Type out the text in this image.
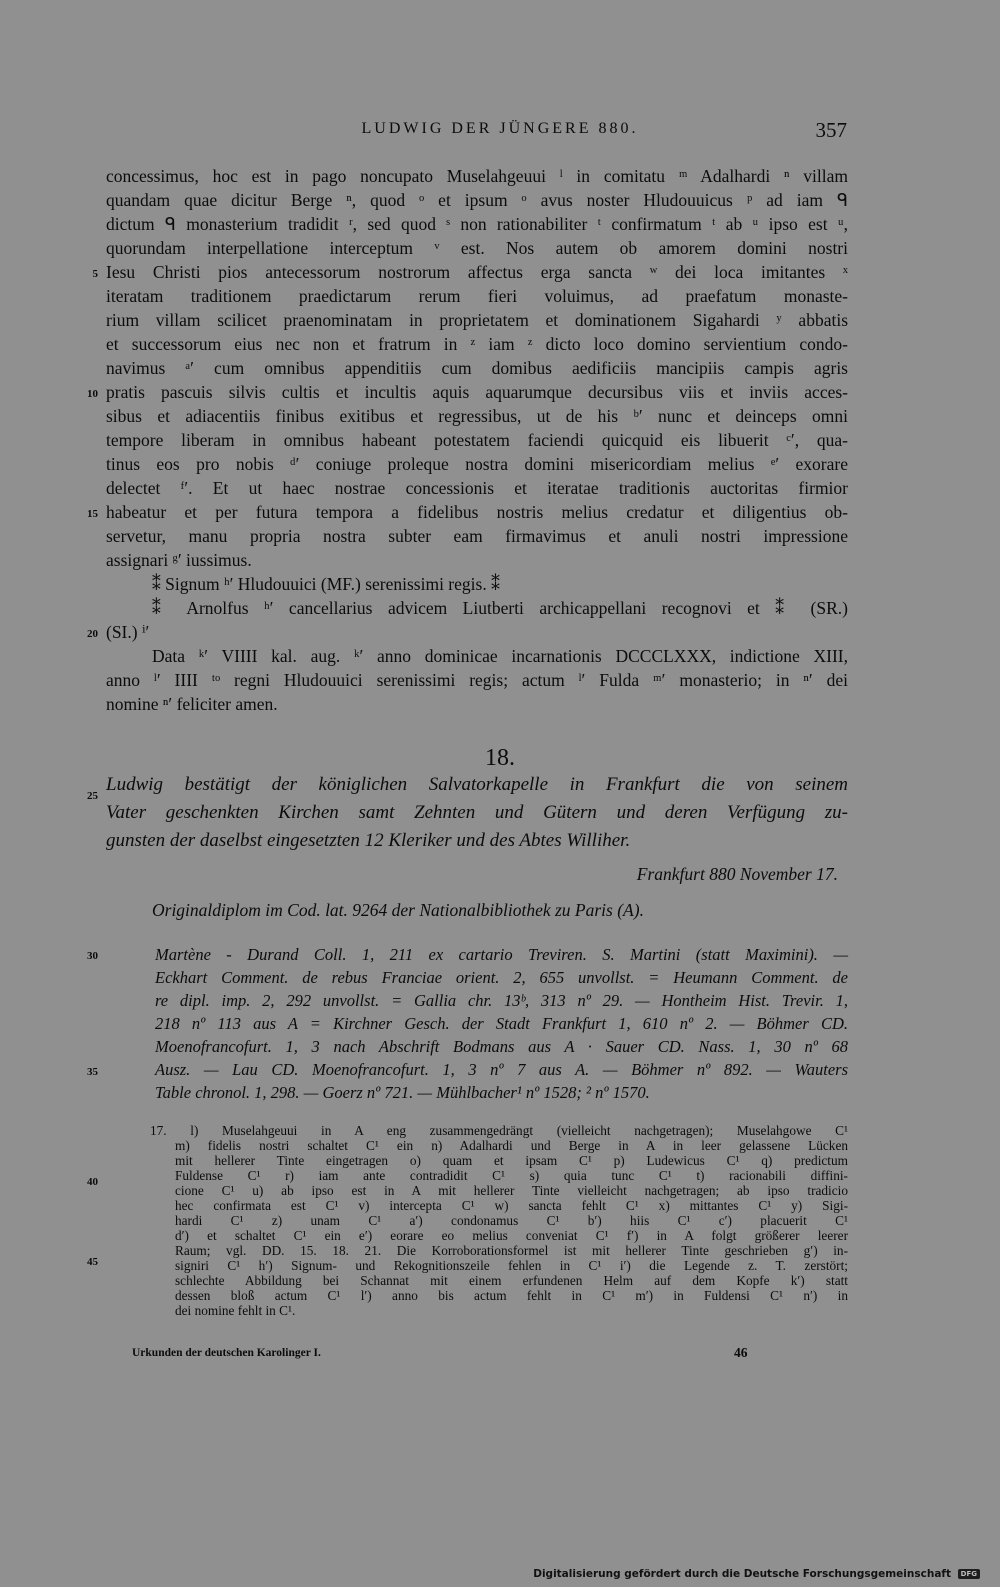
LUDWIG DER JÜNGERE 880.	357

concessimus, hoc est in pago noncupato Muselahgeuui ˡ in comitatu ᵐ Adalhardi ⁿ villam

quandam quae dicitur Berge ⁿ, quod ᵒ et ipsum ᵒ avus noster Hludouuicus ᵖ ad iam ᑫ

dictum ᑫ monasterium tradidit ʳ, sed quod ˢ non rationabiliter ᵗ confirmatum ᵗ ab ᵘ ipso est ᵘ,

quorundam interpellatione interceptum ᵛ est. Nos autem ob amorem domini nostri

Iesu Christi pios antecessorum nostrorum affectus erga sancta ʷ dei loca imitantes ˣ

iteratam traditionem praedictarum rerum fieri voluimus, ad praefatum monaste-

rium villam scilicet praenominatam in proprietatem et dominationem Sigahardi ʸ abbatis

et successorum eius nec non et fratrum in ᶻ iam ᶻ dicto loco domino servientium condo-

navimus ᵃ′ cum omnibus appenditiis cum domibus aedificiis mancipiis campis agris

pratis pascuis silvis cultis et incultis aquis aquarumque decursibus viis et inviis acces-

sibus et adiacentiis finibus exitibus et regressibus, ut de his ᵇ′ nunc et deinceps omni

tempore liberam in omnibus habeant potestatem faciendi quicquid eis libuerit ᶜ′, qua-

tinus eos pro nobis ᵈ′ coniuge proleque nostra domini misericordiam melius ᵉ′ exorare

delectet ᶠ′. Et ut haec nostrae concessionis et iteratae traditionis auctoritas firmior

habeatur et per futura tempora a fidelibus nostris melius credatur et diligentius ob-

servetur, manu propria nostra subter eam firmavimus et anuli nostri impressione

assignari ᵍ′ iussimus.

⁑ Signum ʰ′ Hludouuici (MF.) serenissimi regis. ⁑

⁑ Arnolfus ʰ′ cancellarius advicem Liutberti archicappellani recognovi et ⁑ (SR.)

(SI.) ⁱ′

Data ᵏ′ VIIII kal. aug. ᵏ′ anno dominicae incarnationis DCCCLXXX, indictione XIII,

anno ˡ′ IIII ᵗᵒ regni Hludouuici serenissimi regis; actum ˡ′ Fulda ᵐ′ monasterio; in ⁿ′ dei

nomine ⁿ′ feliciter amen.

5
10
15
20
25
30
35
40
45
18.

Ludwig bestätigt der königlichen Salvatorkapelle in Frankfurt die von seinem

Vater geschenkten Kirchen samt Zehnten und Gütern und deren Verfügung zu-

gunsten der daselbst eingesetzten 12 Kleriker und des Abtes Williher.

Frankfurt 880 November 17.
Originaldiplom im Cod. lat. 9264 der Nationalbibliothek zu Paris (A).

Martène - Durand Coll. 1, 211 ex cartario Treviren. S. Martini (statt Maximini). —

Eckhart Comment. de rebus Franciae orient. 2, 655 unvollst. = Heumann Comment. de

re dipl. imp. 2, 292 unvollst. = Gallia chr. 13ᵇ, 313 nº 29. — Hontheim Hist. Trevir. 1,

218 nº 113 aus A = Kirchner Gesch. der Stadt Frankfurt 1, 610 nº 2. — Böhmer CD.

Moenofrancofurt. 1, 3 nach Abschrift Bodmans aus A · Sauer CD. Nass. 1, 30 nº 68

Ausz. — Lau CD. Moenofrancofurt. 1, 3 nº 7 aus A. — Böhmer nº 892. — Wauters

Table chronol. 1, 298. — Goerz nº 721. — Mühlbacher¹ nº 1528; ² nº 1570.

17. l) Muselahgeuui in A eng zusammengedrängt (vielleicht nachgetragen); Muselahgowe C¹

m) fidelis nostri schaltet C¹ ein n) Adalhardi und Berge in A in leer gelassene Lücken

mit hellerer Tinte eingetragen o) quam et ipsam C¹ p) Ludewicus C¹ q) predictum

Fuldense C¹ r) iam ante contradidit C¹ s) quia tunc C¹ t) racionabili diffini-

cione C¹ u) ab ipso est in A mit hellerer Tinte vielleicht nachgetragen; ab ipso tradicio

hec confirmata est C¹ v) intercepta C¹ w) sancta fehlt C¹ x) mittantes C¹ y) Sigi-

hardi C¹ z) unam C¹ a′) condonamus C¹ b′) hiis C¹ c′) placuerit C¹

d′) et schaltet C¹ ein e′) eorare eo melius conveniat C¹ f′) in A folgt größerer leerer

Raum; vgl. DD. 15. 18. 21. Die Korroborationsformel ist mit hellerer Tinte geschrieben g′) in-

signiri C¹ h′) Signum- und Rekognitionszeile fehlen in C¹ i′) die Legende z. T. zerstört;

schlechte Abbildung bei Schannat mit einem erfundenen Helm auf dem Kopfe k′) statt

dessen bloß actum C¹ l′) anno bis actum fehlt in C¹ m′) in Fuldensi C¹ n′) in

dei nomine fehlt in C¹.

Urkunden der deutschen Karolinger I.	46
Digitalisierung gefördert durch die Deutsche Forschungsgemeinschaft DFG
